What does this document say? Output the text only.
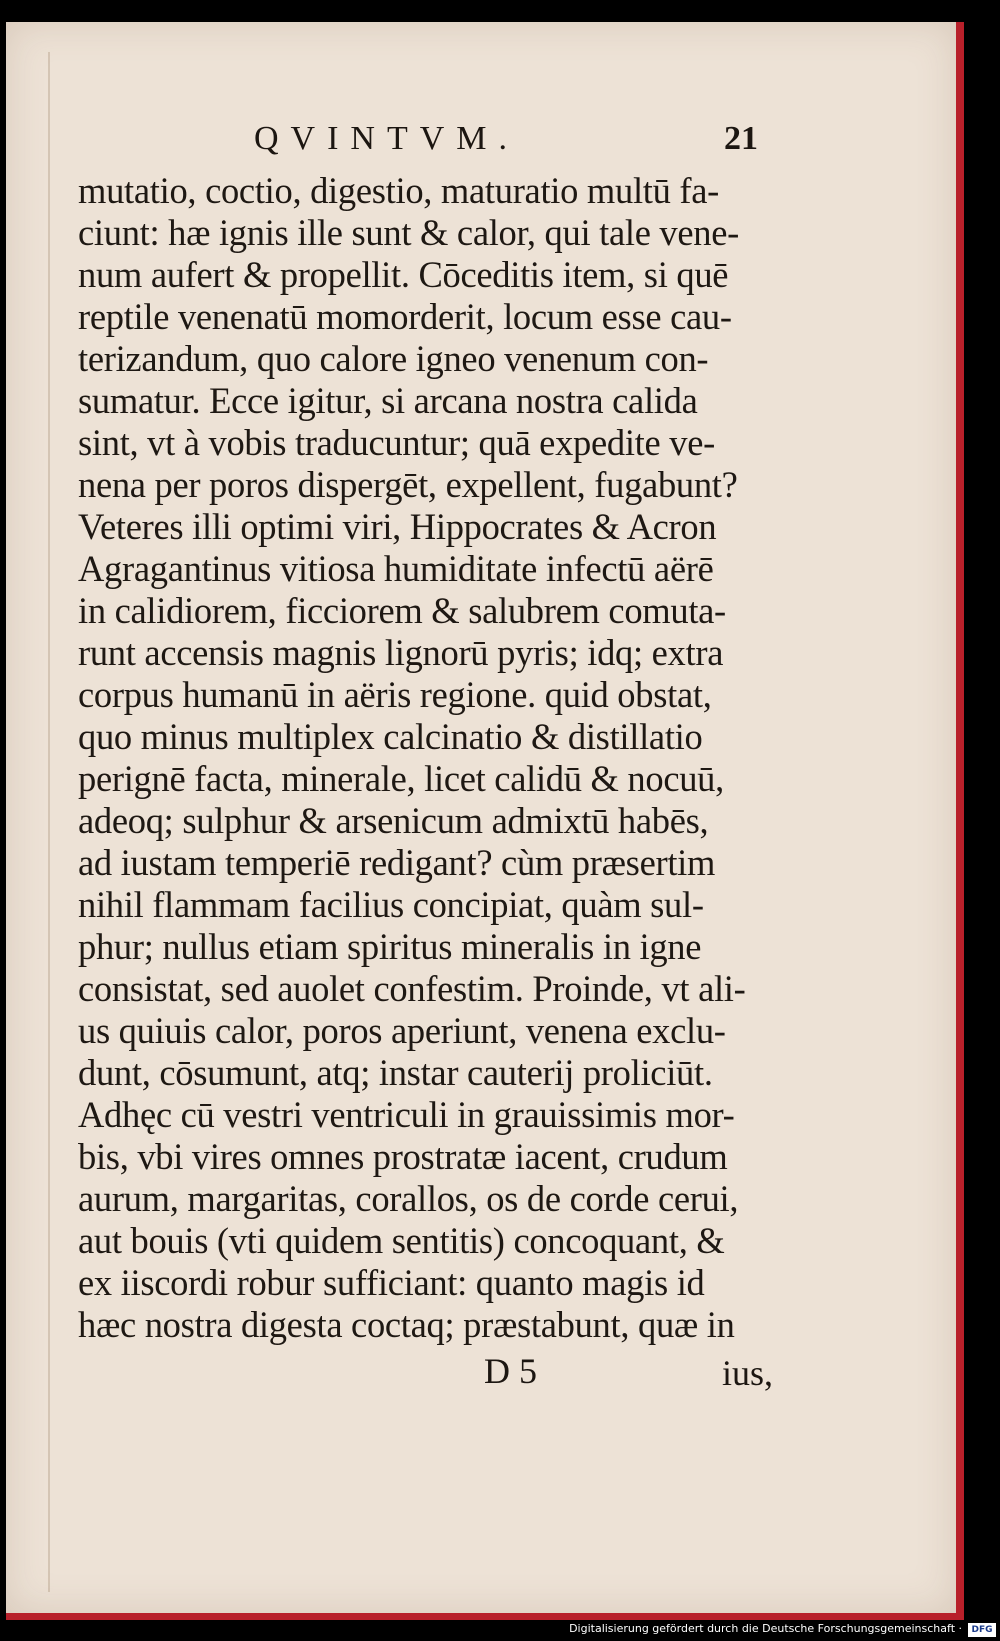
QVINTVM.	21
mutatio, coctio, digestio, maturatio multū fa-
ciunt: hæ ignis ille sunt & calor, qui tale vene-
num aufert & propellit. Cōceditis item, si quē
reptile venenatū momorderit, locum esse cau-
terizandum, quo calore igneo venenum con-
sumatur. Ecce igitur, si arcana nostra calida
sint, vt à vobis traducuntur; quā expedite ve-
nena per poros dispergēt, expellent, fugabunt?
Veteres illi optimi viri, Hippocrates & Acron
Agragantinus vitiosa humiditate infectū aërē
in calidiorem, ficciorem & salubrem comuta-
runt accensis magnis lignorū pyris; idq; extra
corpus humanū in aëris regione. quid obstat,
quo minus multiplex calcinatio & distillatio
perignē facta, minerale, licet calidū & nocuū,
adeoq; sulphur & arsenicum admixtū habēs,
ad iustam temperiē redigant? cùm præsertim
nihil flammam facilius concipiat, quàm sul-
phur; nullus etiam spiritus mineralis in igne
consistat, sed auolet confestim. Proinde, vt ali-
us quiuis calor, poros aperiunt, venena exclu-
dunt, cōsumunt, atq; instar cauterij proliciūt.
Adhęc cū vestri ventriculi in grauissimis mor-
bis, vbi vires omnes prostratæ iacent, crudum
aurum, margaritas, corallos, os de corde cerui,
aut bouis (vti quidem sentitis) concoquant, &
ex iiscordi robur sufficiant: quanto magis id
hæc nostra digesta coctaq; præstabunt, quæ in
D 5	ius,
Digitalisierung gefördert durch die Deutsche Forschungsgemeinschaft ·	DFG
